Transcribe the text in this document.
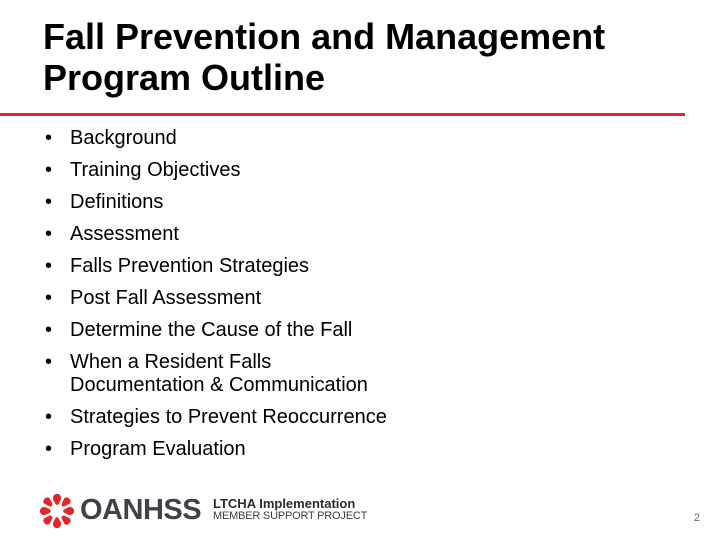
Fall Prevention and Management Program Outline
• Background
• Training Objectives
• Definitions
• Assessment
• Falls Prevention Strategies
• Post Fall Assessment
• Determine the Cause of the Fall
• When a Resident Falls
Documentation & Communication
• Strategies to Prevent Reoccurrence
• Program Evaluation
OANHSS LTCHA Implementation
MEMBER SUPPORT PROJECT	2
